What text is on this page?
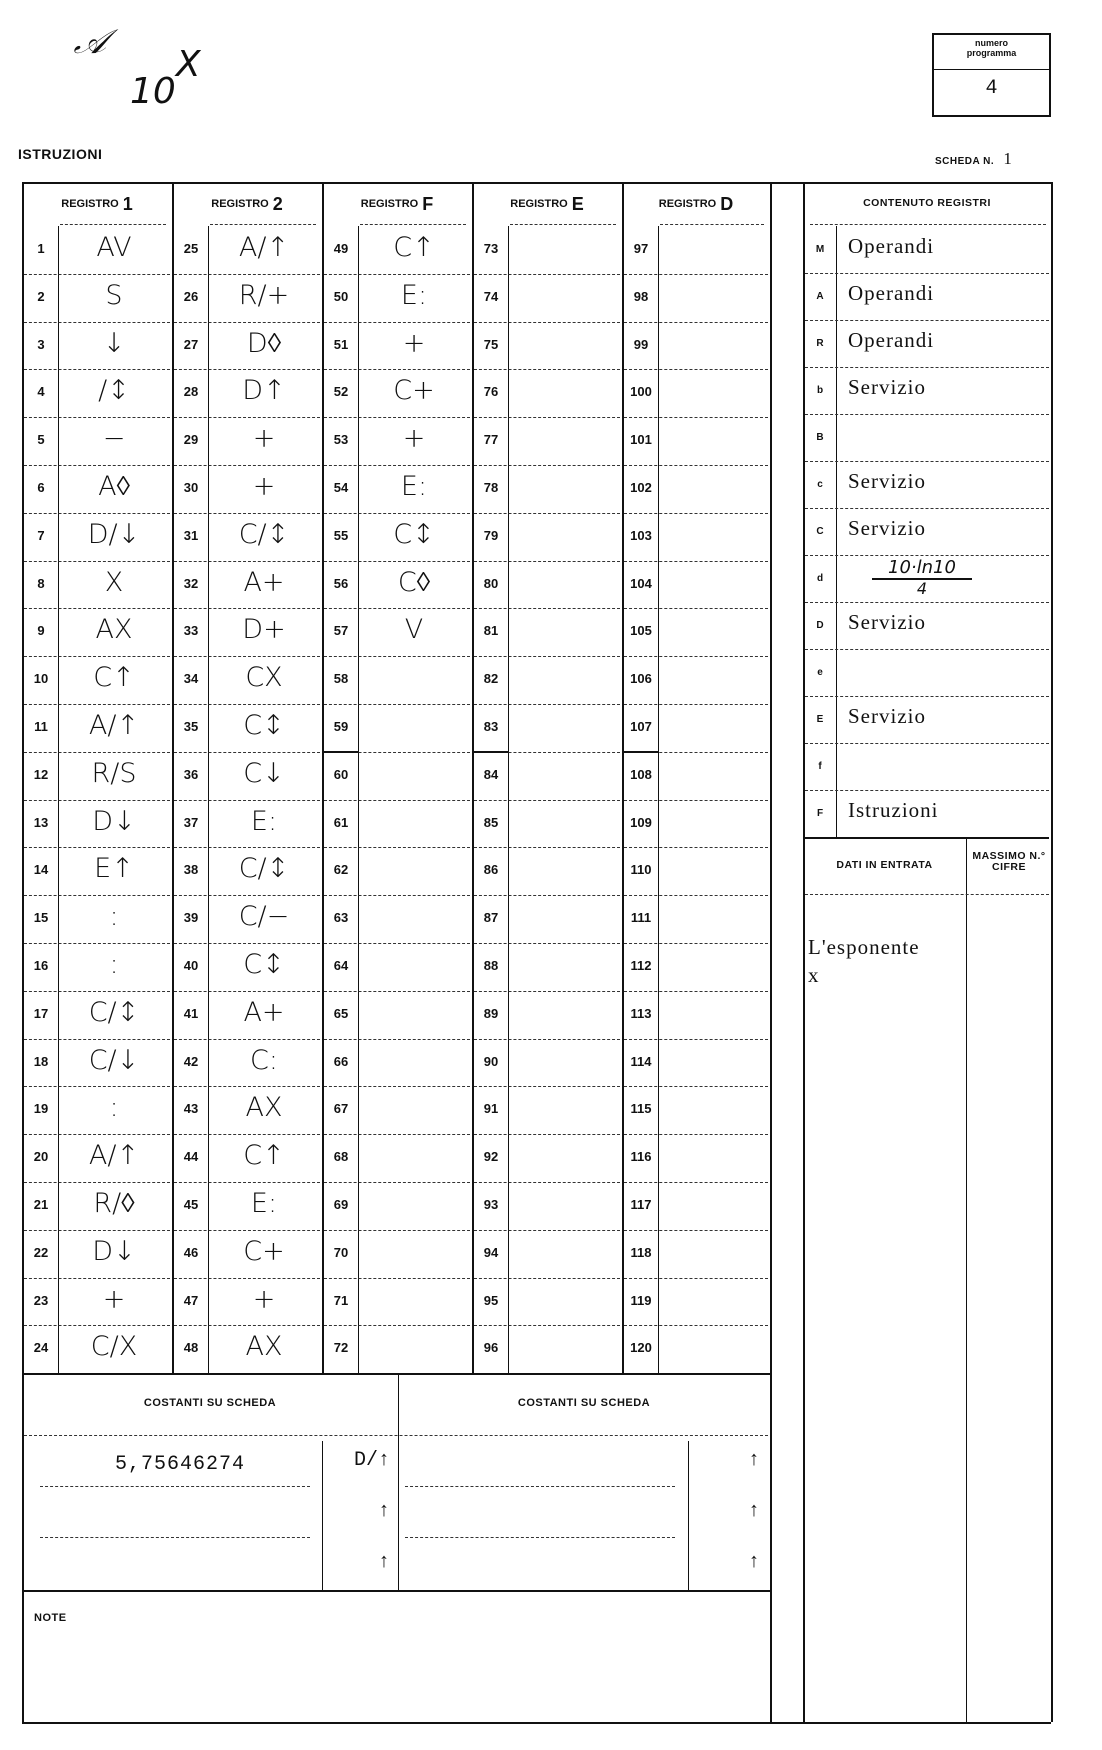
𝒜
$10^X$
numero programma
4
ISTRUZIONI	SCHEDA N. 1
REGISTRO 1
1	AV
2	S
3	↓
4	/↕
5	−
6	A◊
7	D/↓
8	X
9	AX
10	C↑
11	A/↑
12	R/S
13	D↓
14	E↑
15	:
16	:
17	C/↕
18	C/↓
19	:
20	A/↑
21	R/◊
22	D↓
23	+
24	C/X
REGISTRO 2
25	A/↑
26	R/+
27	D◊
28	D↑
29	+
30	+
31	C/↕
32	A+
33	D+
34	CX
35	C↕
36	C↓
37	E:
38	C/↕
39	C/−
40	C↕
41	A+
42	C:
43	AX
44	C↑
45	E:
46	C+
47	+
48	AX
REGISTRO F
49	C↑
50	E:
51	+
52	C+
53	+
54	E:
55	C↕
56	C◊
57	V
58
59
60
61
62
63
64
65
66
67
68
69
70
71
72
REGISTRO E
73
74
75
76
77
78
79
80
81
82
83
84
85
86
87
88
89
90
91
92
93
94
95
96
REGISTRO D
97
98
99
100
101
102
103
104
105
106
107
108
109
110
111
112
113
114
115
116
117
118
119
120
COSTANTI SU SCHEDA	COSTANTI SU SCHEDA
5,75646274	D/↑	↑
↑	↑
↑	↑
NOTE
CONTENUTO REGISTRI
M	Operandi
A	Operandi
R	Operandi
b	Servizio
B
c	Servizio
C	Servizio
d
10·ln10
4
D	Servizio
e
E	Servizio
f
F	Istruzioni
DATI IN ENTRATA
MASSIMO N.° CIFRE
L'esponente
x
